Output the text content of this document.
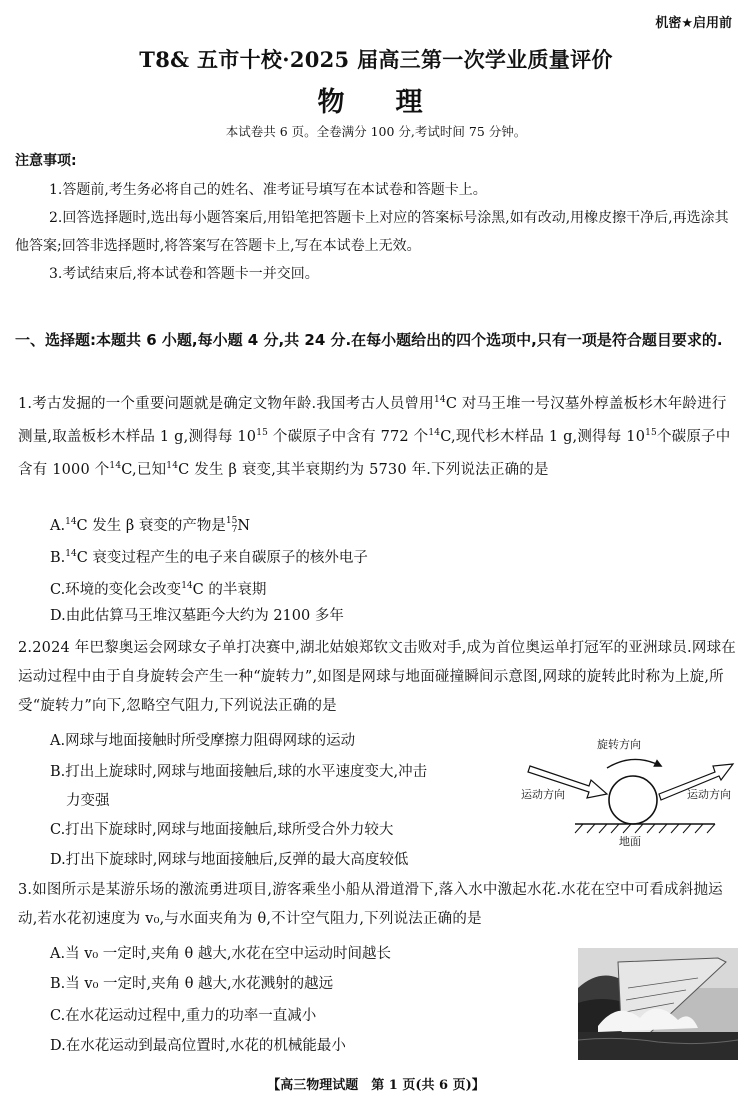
机密★启用前
T8& 五市十校·2025 届高三第一次学业质量评价
物　理
本试卷共 6 页。全卷满分 100 分,考试时间 75 分钟。
注意事项:
1.答题前,考生务必将自己的姓名、准考证号填写在本试卷和答题卡上。
2.回答选择题时,选出每小题答案后,用铅笔把答题卡上对应的答案标号涂黑,如有改动,用橡皮擦干净后,再选涂其他答案;回答非选择题时,将答案写在答题卡上,写在本试卷上无效。
3.考试结束后,将本试卷和答题卡一并交回。
一、选择题:本题共 6 小题,每小题 4 分,共 24 分.在每小题给出的四个选项中,只有一项是符合题目要求的.
1.考古发掘的一个重要问题就是确定文物年龄.我国考古人员曾用$^{14}$C 对马王堆一号汉墓外椁盖板杉木年龄进行测量,取盖板杉木样品 1 g,测得每 $10^{15}$ 个碳原子中含有 772 个$^{14}$C,现代杉木样品 1 g,测得每 $10^{15}$个碳原子中含有 1000 个$^{14}$C,已知$^{14}$C 发生 β 衰变,其半衰期约为 5730 年.下列说法正确的是
A.$^{14}$C 发生 β 衰变的产物是 15
7 N
B.$^{14}$C 衰变过程产生的电子来自碳原子的核外电子
C.环境的变化会改变$^{14}$C 的半衰期
D.由此估算马王堆汉墓距今大约为 2100 多年
2.2024 年巴黎奥运会网球女子单打决赛中,湖北姑娘郑钦文击败对手,成为首位奥运单打冠军的亚洲球员.网球在运动过程中由于自身旋转会产生一种“旋转力”,如图是网球与地面碰撞瞬间示意图,网球的旋转此时称为上旋,所受“旋转力”向下,忽略空气阻力,下列说法正确的是
A.网球与地面接触时所受摩擦力阻碍网球的运动
B.打出上旋球时,网球与地面接触后,球的水平速度变大,冲击
力变强
C.打出下旋球时,网球与地面接触后,球所受合外力较大
D.打出下旋球时,网球与地面接触后,反弹的最大高度较低
旋转方向
运动方向	运动方向
地面
3.如图所示是某游乐场的激流勇进项目,游客乘坐小船从滑道滑下,落入水中激起水花.水花在空中可看成斜抛运动,若水花初速度为 v₀,与水面夹角为 θ,不计空气阻力,下列说法正确的是
A.当 v₀ 一定时,夹角 θ 越大,水花在空中运动时间越长
B.当 v₀ 一定时,夹角 θ 越大,水花溅射的越远
C.在水花运动过程中,重力的功率一直减小
D.在水花运动到最高位置时,水花的机械能最小
【高三物理试题　第 1 页(共 6 页)】
